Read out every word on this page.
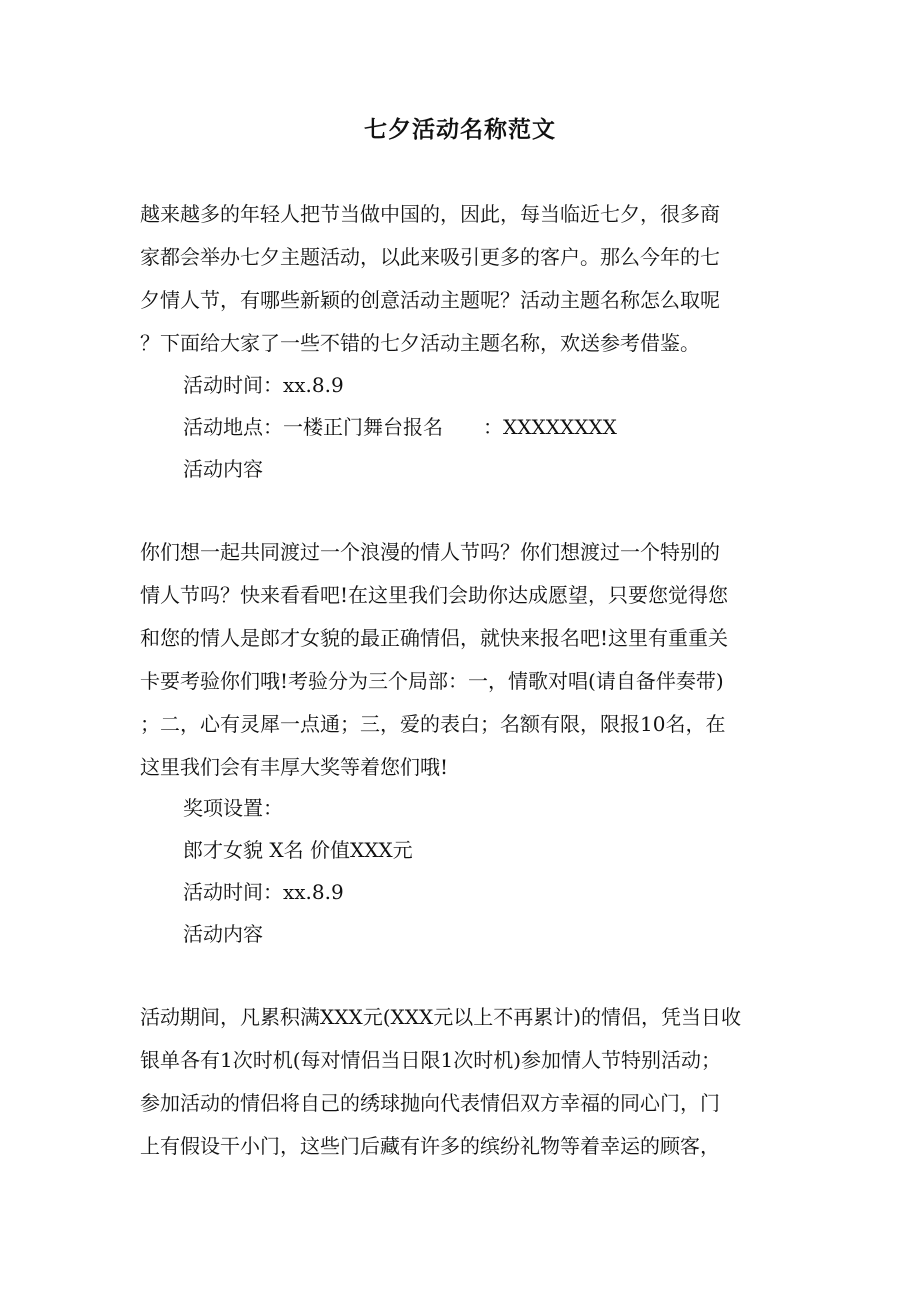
七夕活动名称范文
越来越多的年轻人把节当做中国的，因此，每当临近七夕，很多商
家都会举办七夕主题活动，以此来吸引更多的客户。那么今年的七
夕情人节，有哪些新颖的创意活动主题呢？活动主题名称怎么取呢
？下面给大家了一些不错的七夕活动主题名称，欢送参考借鉴。
活动时间：xx.8.9
活动地点：一楼正门舞台报名　　：XXXXXXXX
活动内容
你们想一起共同渡过一个浪漫的情人节吗？你们想渡过一个特别的
情人节吗？快来看看吧!在这里我们会助你达成愿望，只要您觉得您
和您的情人是郎才女貌的最正确情侣，就快来报名吧!这里有重重关
卡要考验你们哦!考验分为三个局部：一，情歌对唱(请自备伴奏带)
；二，心有灵犀一点通；三，爱的表白；名额有限，限报10名，在
这里我们会有丰厚大奖等着您们哦!
奖项设置：
郎才女貌 X名 价值XXX元
活动时间：xx.8.9
活动内容
活动期间，凡累积满XXX元(XXX元以上不再累计)的情侣，凭当日收
银单各有1次时机(每对情侣当日限1次时机)参加情人节特别活动；
参加活动的情侣将自己的绣球抛向代表情侣双方幸福的同心门，门
上有假设干小门，这些门后藏有许多的缤纷礼物等着幸运的顾客，
